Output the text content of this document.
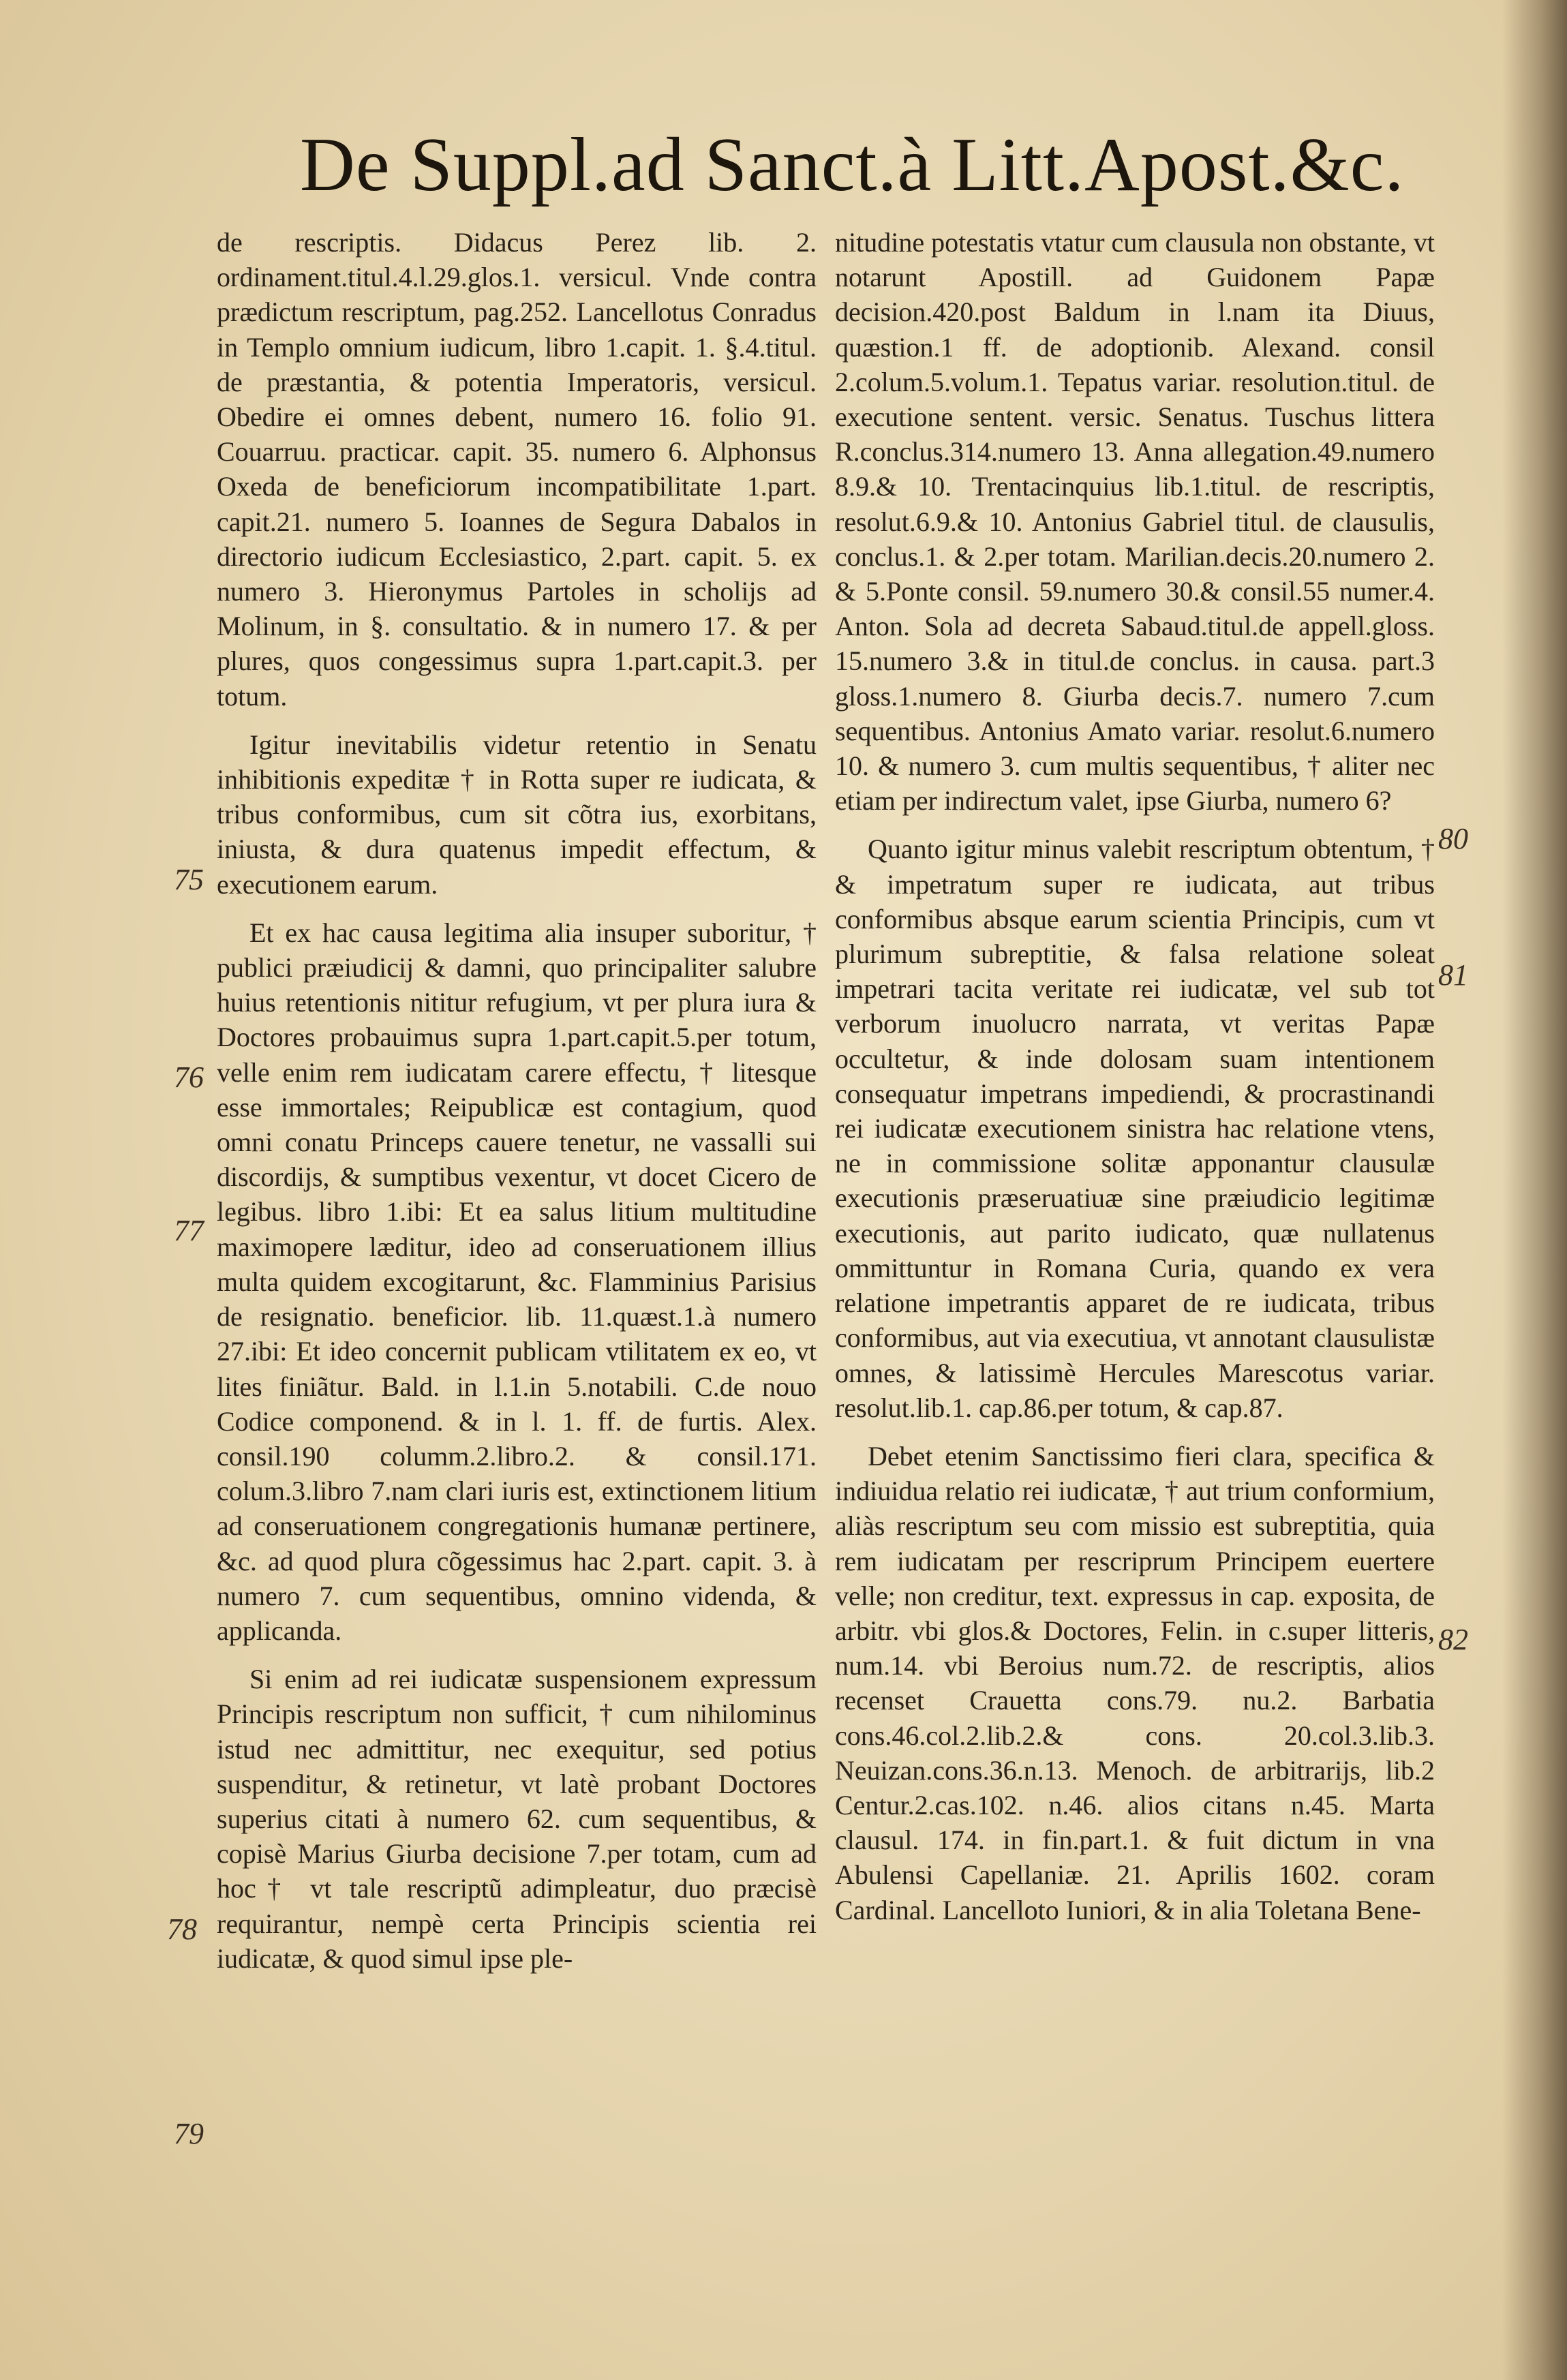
De Suppl.ad Sanct.à Litt.Apost.&c.

de rescriptis. Didacus Perez lib. 2. ordinament.titul.4.l.29.glos.1. versicul. Vnde contra prædictum rescriptum, pag.252. Lancellotus Conradus in Templo omnium iudicum, libro 1.capit. 1. §.4.titul. de præstantia, & potentia Imperatoris, versicul. Obedire ei omnes debent, numero 16. folio 91. Couarruu. practicar. capit. 35. numero 6. Alphonsus Oxeda de beneficiorum incompatibilitate 1.part. capit.21. numero 5. Ioannes de Segura Dabalos in directorio iudicum Ecclesiastico, 2.part. capit. 5. ex numero 3. Hieronymus Partoles in scholijs ad Molinum, in §. consultatio. & in numero 17. & per plures, quos congessimus supra 1.part.capit.3. per totum.

Igitur inevitabilis videtur retentio in Senatu inhibitionis expeditæ † in Rotta super re iudicata, & tribus conformibus, cum sit cõtra ius, exorbitans, iniusta, & dura quatenus impedit effectum, & executionem earum.

Et ex hac causa legitima alia insuper suboritur, † publici præiudicij & damni, quo principaliter salubre huius retentionis nititur refugium, vt per plura iura & Doctores probauimus supra 1.part.capit.5.per totum, velle enim rem iudicatam carere effectu, † litesque esse immortales; Reipublicæ est contagium, quod omni conatu Princeps cauere tenetur, ne vassalli sui discordijs, & sumptibus vexentur, vt docet Cicero de legibus. libro 1.ibi: Et ea salus litium multitudine maximopere læditur, ideo ad conseruationem illius multa quidem excogitarunt, &c. Flamminius Parisius de resignatio. beneficior. lib. 11.quæst.1.à numero 27.ibi: Et ideo concernit publicam vtilitatem ex eo, vt lites finiãtur. Bald. in l.1.in 5.notabili. C.de nouo Codice componend. & in l. 1. ff. de furtis. Alex. consil.190 columm.2.libro.2. & consil.171. colum.3.libro 7.nam clari iuris est, extinctionem litium ad conseruationem congregationis humanæ pertinere, &c. ad quod plura cõgessimus hac 2.part. capit. 3. à numero 7. cum sequentibus, omnino videnda, & applicanda.

Si enim ad rei iudicatæ suspensionem expressum Principis rescriptum non sufficit, † cum nihilominus istud nec admittitur, nec exequitur, sed potius suspenditur, & retinetur, vt latè probant Doctores superius citati à numero 62. cum sequentibus, & copisè Marius Giurba decisione 7.per totam, cum ad hoc† vt tale rescriptũ adimpleatur, duo præcisè requirantur, nempè certa Principis scientia rei iudicatæ, & quod simul ipse ple-

nitudine potestatis vtatur cum clausula non obstante, vt notarunt Apostill. ad Guidonem Papæ decision.420.post Baldum in l.nam ita Diuus, quæstion.1 ff. de adoptionib. Alexand. consil 2.colum.5.volum.1. Tepatus variar. resolution.titul. de executione sentent. versic. Senatus. Tuschus littera R.conclus.314.numero 13. Anna allegation.49.numero 8.9.& 10. Trentacinquius lib.1.titul. de rescriptis, resolut.6.9.& 10. Antonius Gabriel titul. de clausulis, conclus.1. & 2.per totam. Marilian.decis.20.numero 2. & 5.Ponte consil. 59.numero 30.& consil.55 numer.4. Anton. Sola ad decreta Sabaud.titul.de appell.gloss. 15.numero 3.& in titul.de conclus. in causa. part.3 gloss.1.numero 8. Giurba decis.7. numero 7.cum sequentibus. Antonius Amato variar. resolut.6.numero 10. & numero 3. cum multis sequentibus, † aliter nec etiam per indirectum valet, ipse Giurba, numero 6?

Quanto igitur minus valebit rescriptum obtentum, † & impetratum super re iudicata, aut tribus conformibus absque earum scientia Principis, cum vt plurimum subreptitie, & falsa relatione soleat impetrari tacita veritate rei iudicatæ, vel sub tot verborum inuolucro narrata, vt veritas Papæ occultetur, & inde dolosam suam intentionem consequatur impetrans impediendi, & procrastinandi rei iudicatæ executionem sinistra hac relatione vtens, ne in commissione solitæ apponantur clausulæ executionis præseruatiuæ sine præiudicio legitimæ executionis, aut parito iudicato, quæ nullatenus ommittuntur in Romana Curia, quando ex vera relatione impetrantis apparet de re iudicata, tribus conformibus, aut via executiua, vt annotant clausulistæ omnes, & latissimè Hercules Marescotus variar. resolut.lib.1. cap.86.per totum, & cap.87.

Debet etenim Sanctissimo fieri clara, specifica & indiuidua relatio rei iudicatæ, † aut trium conformium, aliàs rescriptum seu com missio est subreptitia, quia rem iudicatam per rescriprum Principem euertere velle; non creditur, text. expressus in cap. exposita, de arbitr. vbi glos.& Doctores, Felin. in c.super litteris, num.14. vbi Beroius num.72. de rescriptis, alios recenset Crauetta cons.79. nu.2. Barbatia cons.46.col.2.lib.2.& cons. 20.col.3.lib.3. Neuizan.cons.36.n.13. Menoch. de arbitrarijs, lib.2 Centur.2.cas.102. n.46. alios citans n.45. Marta clausul. 174. in fin.part.1. & fuit dictum in vna Abulensi Capellaniæ. 21. Aprilis 1602. coram Cardinal. Lancelloto Iuniori, & in alia Toletana Bene-

75
76
77
78
79
80
81
82
